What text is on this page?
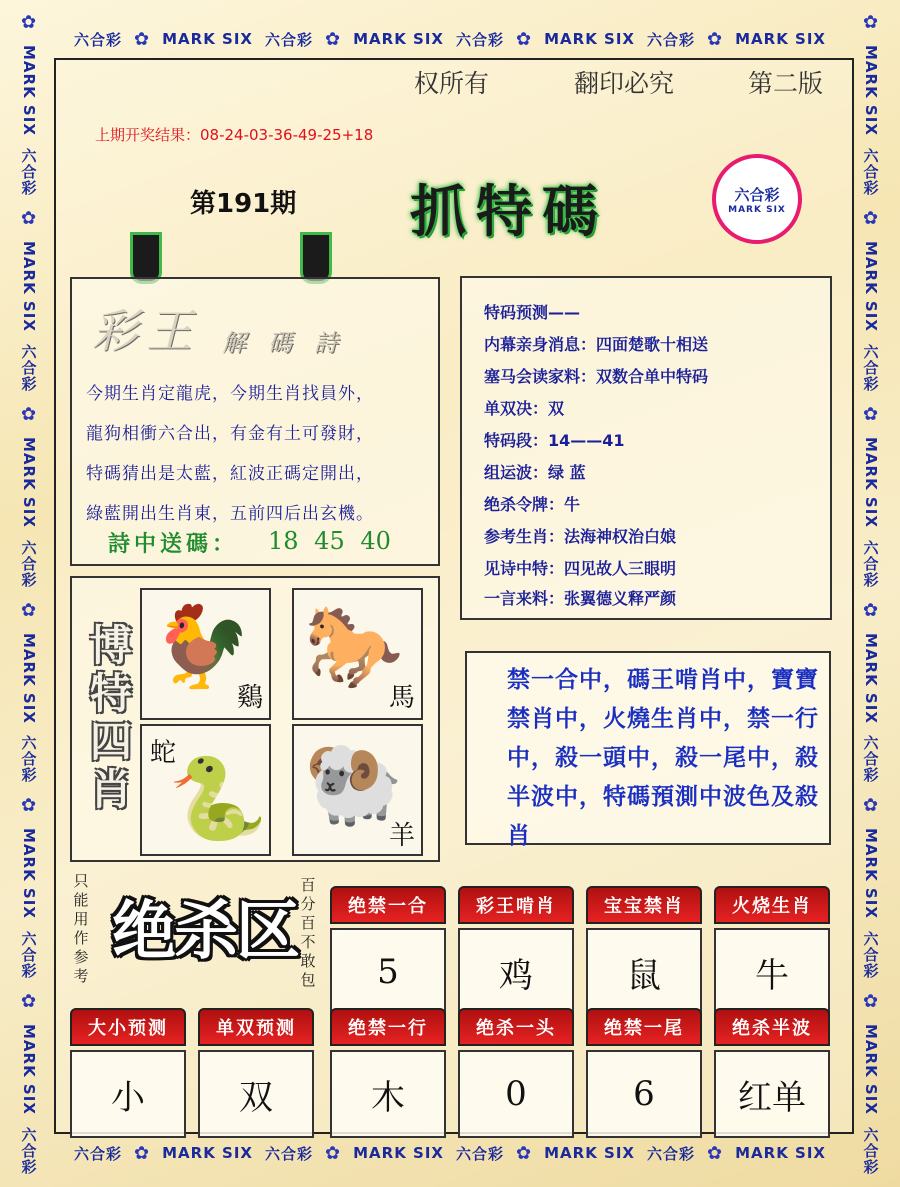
六合彩 ✿ MARK SIX 六合彩 ✿ MARK SIX 六合彩 ✿ MARK SIX 六合彩 ✿ MARK SIX
六合彩 ✿ MARK SIX 六合彩 ✿ MARK SIX 六合彩 ✿ MARK SIX 六合彩 ✿ MARK SIX
✿
MARK SIX
六合彩
✿
MARK SIX
六合彩
✿
MARK SIX
六合彩
✿
MARK SIX
六合彩
✿
MARK SIX
六合彩
✿
MARK SIX
六合彩
✿
MARK SIX
六合彩
✿
MARK SIX
六合彩
✿
MARK SIX
六合彩
✿
MARK SIX
六合彩
✿
MARK SIX
六合彩
✿
MARK SIX
六合彩
权所有	翻印必究	第二版
上期开奖结果：08-24-03-36-49-25+18
第191期 抓特碼	六合彩
MARK SIX
彩王 解碼詩
今期生肖定龍虎，今期生肖找員外，
龍狗相衝六合出，有金有土可發財，
特碼猜出是太藍，紅波正碼定開出，
綠藍開出生肖東，五前四后出玄機。
詩中送碼： 18 45 40
特码预测——
内幕亲身消息：四面楚歌十相送
塞马会读家料：双数合单中特码
单双决：双
特码段：14——41
组运波：绿 蓝
绝杀令牌：牛
参考生肖：法海神权治白娘
见诗中特：四见故人三眼明
一言来料：张翼德义释严颜
博特四肖
🐓
鷄
🐎
馬
蛇
🐍 🐏
羊
禁一合中，碼王啃肖中，寶寶禁肖中，火燒生肖中，禁一行中，殺一頭中，殺一尾中，殺半波中，特碼預測中波色及殺肖
只能用作参考
绝杀区
百分百不敢包
绝禁一合
5
彩王啃肖
鸡
宝宝禁肖
鼠
火烧生肖
牛
大小预测
小
单双预测
双
绝禁一行
木
绝杀一头
0
绝禁一尾
6
绝杀半波
红单
